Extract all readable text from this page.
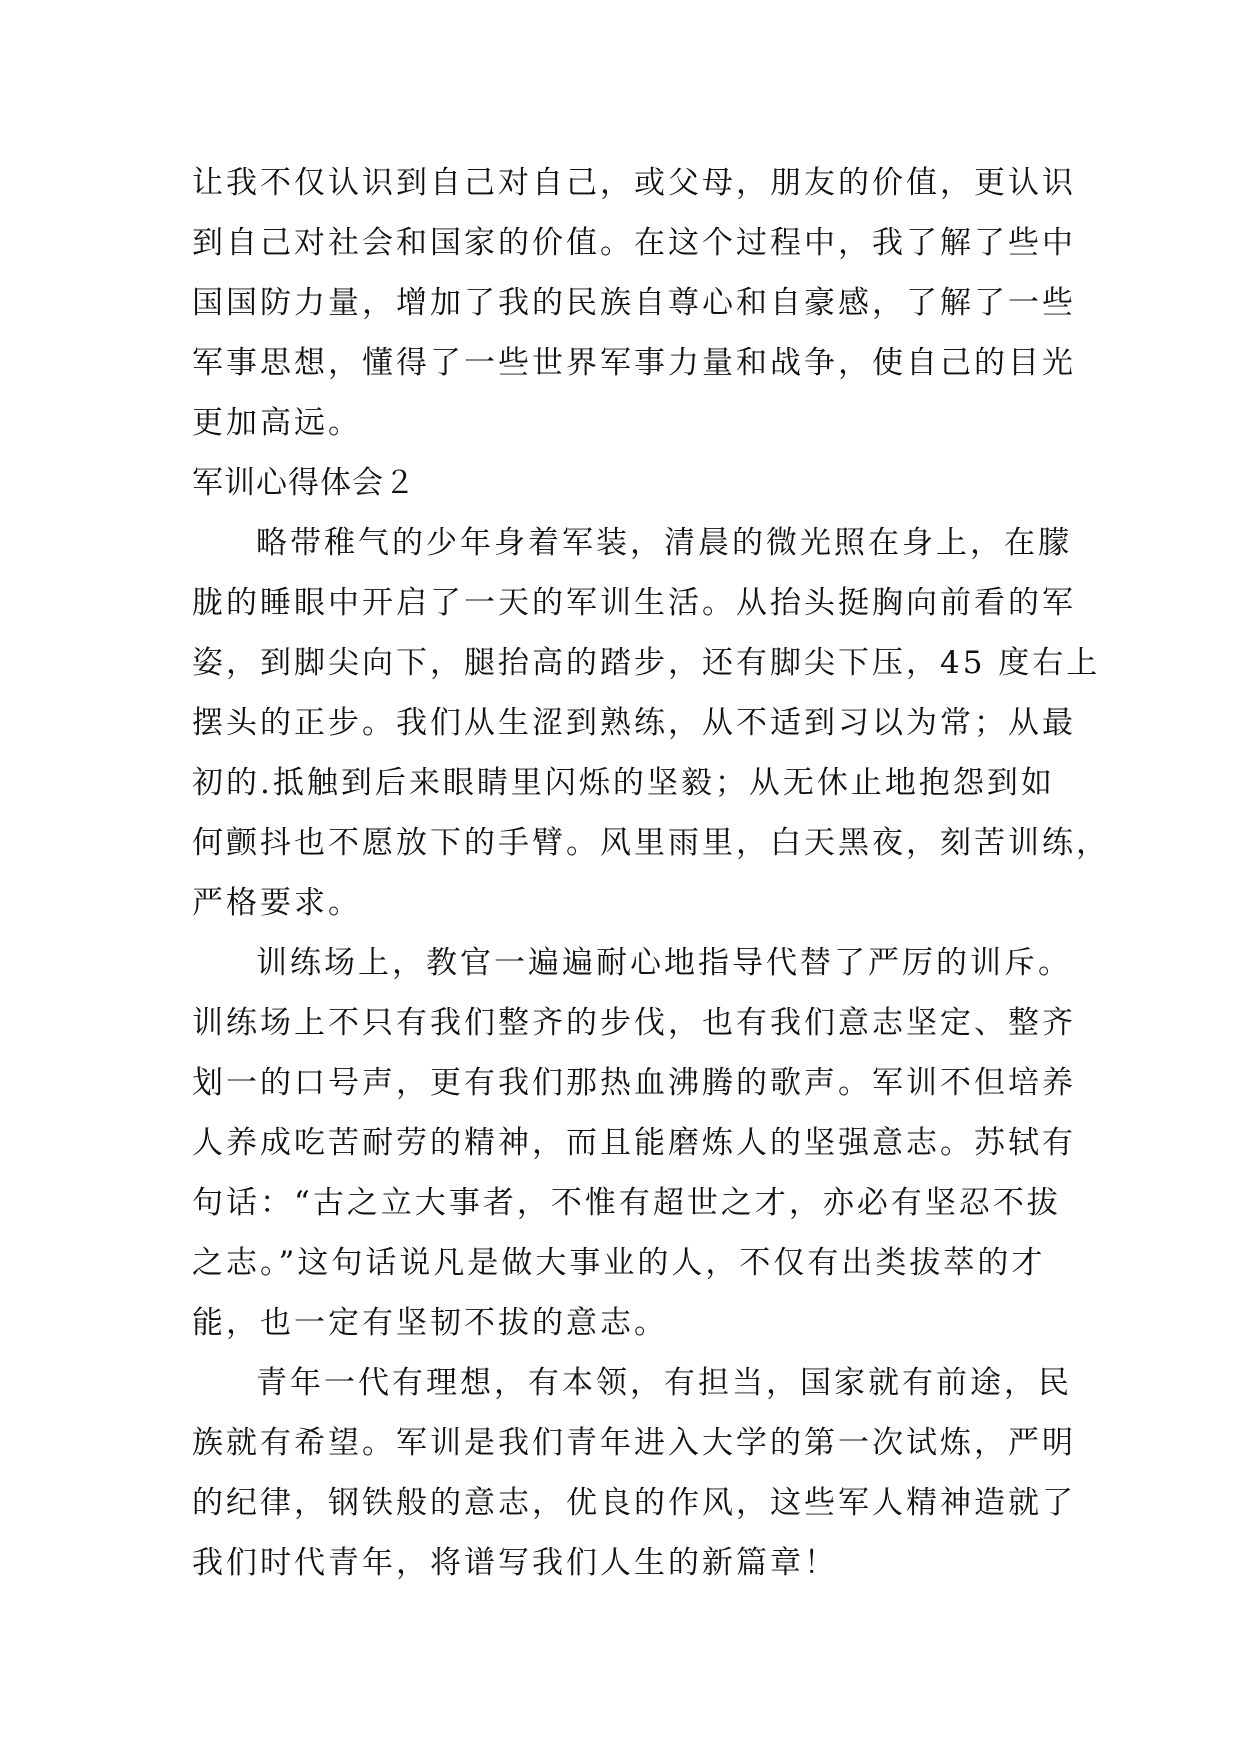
让我不仅认识到自己对自己，或父母，朋友的价值，更认识
到自己对社会和国家的价值。在这个过程中，我了解了些中
国国防力量，增加了我的民族自尊心和自豪感，了解了一些
军事思想，懂得了一些世界军事力量和战争，使自己的目光
更加高远。
军训心得体会２
略带稚气的少年身着军装，清晨的微光照在身上，在朦
胧的睡眼中开启了一天的军训生活。从抬头挺胸向前看的军
姿，到脚尖向下，腿抬高的踏步，还有脚尖下压，45 度右上
摆头的正步。我们从生涩到熟练，从不适到习以为常；从最
初的.抵触到后来眼睛里闪烁的坚毅；从无休止地抱怨到如
何颤抖也不愿放下的手臂。风里雨里，白天黑夜，刻苦训练，
严格要求。
训练场上，教官一遍遍耐心地指导代替了严厉的训斥。
训练场上不只有我们整齐的步伐，也有我们意志坚定、整齐
划一的口号声，更有我们那热血沸腾的歌声。军训不但培养
人养成吃苦耐劳的精神，而且能磨炼人的坚强意志。苏轼有
句话：“古之立大事者，不惟有超世之才，亦必有坚忍不拔
之志。”这句话说凡是做大事业的人，不仅有出类拔萃的才
能，也一定有坚韧不拔的意志。
青年一代有理想，有本领，有担当，国家就有前途，民
族就有希望。军训是我们青年进入大学的第一次试炼，严明
的纪律，钢铁般的意志，优良的作风，这些军人精神造就了
我们时代青年，将谱写我们人生的新篇章！
